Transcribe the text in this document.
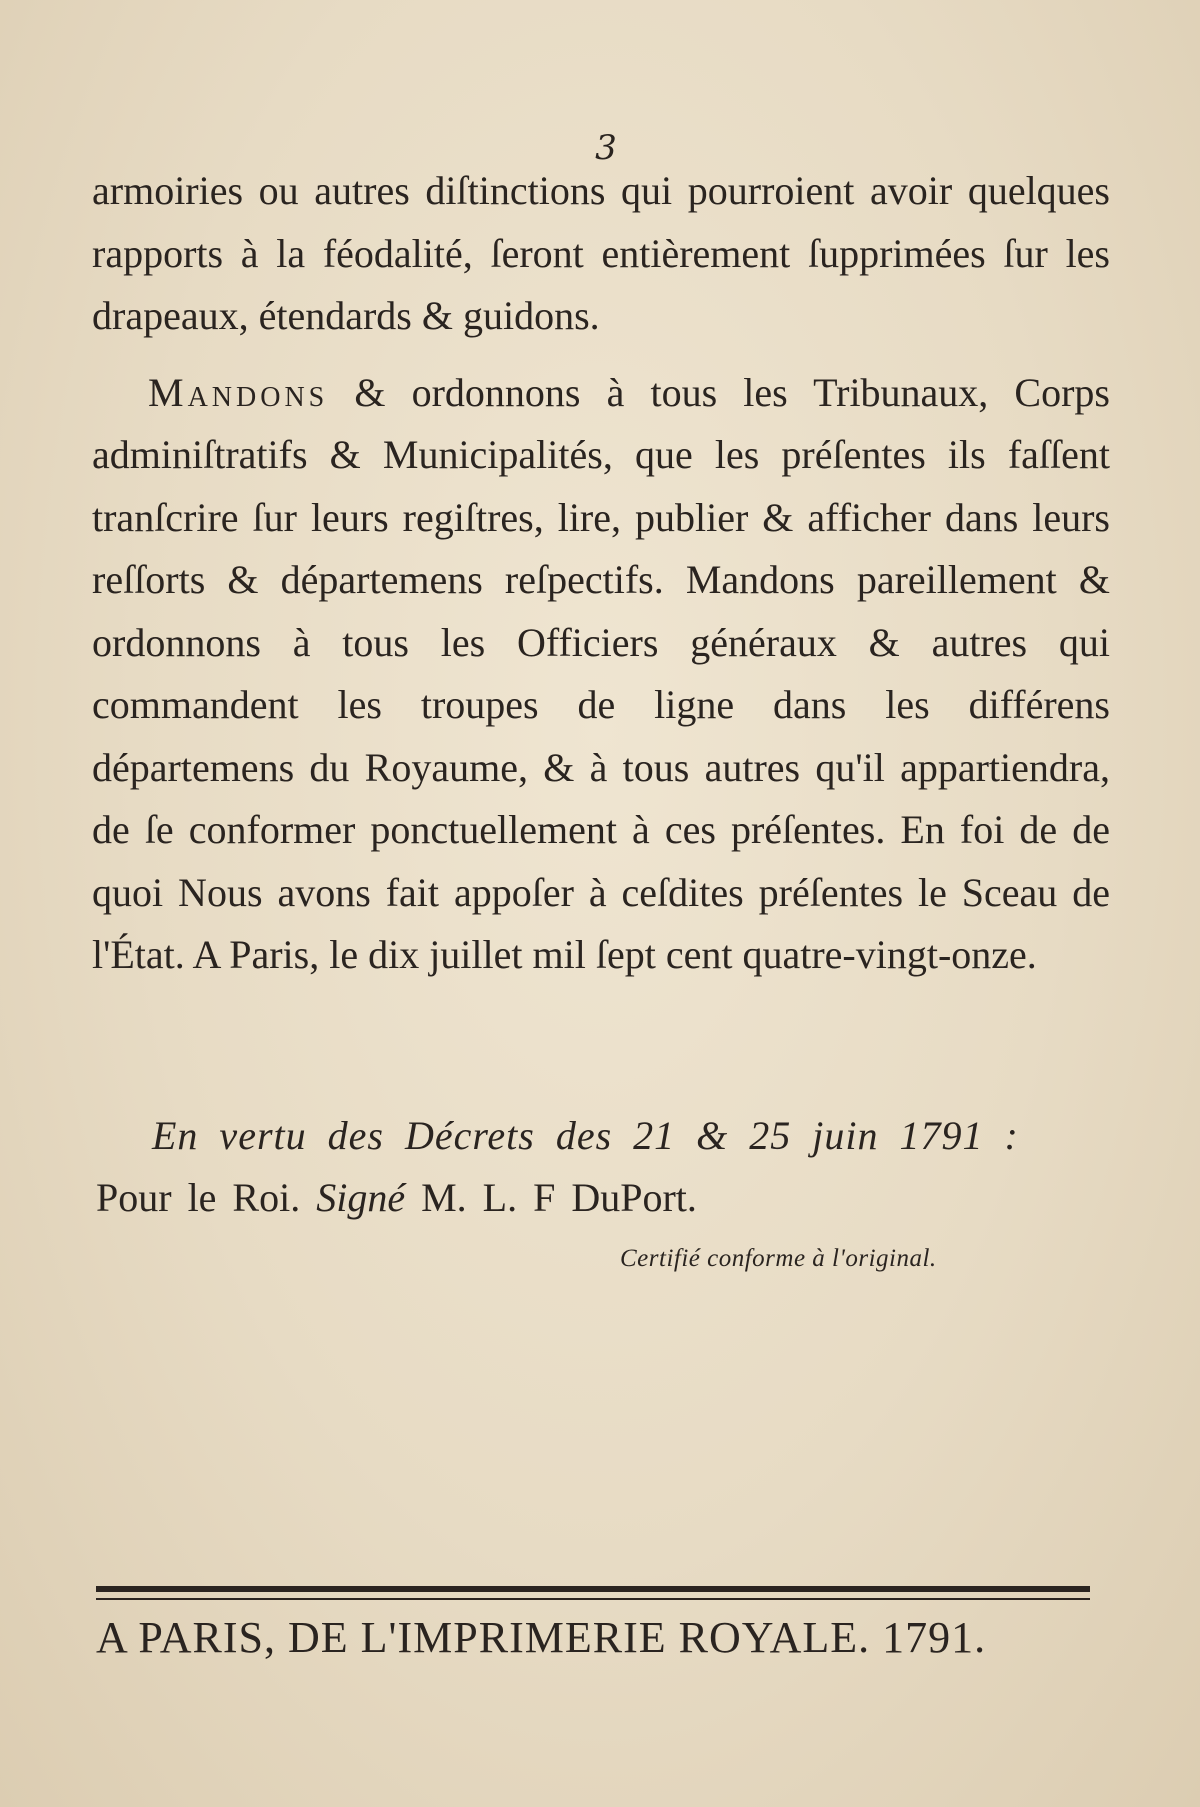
3

armoiries ou autres diſtinctions qui pourroient avoir quelques rapports à la féodalité, ſeront entièrement ſupprimées ſur les drapeaux, étendards & guidons.

Mandons & ordonnons à tous les Tribunaux, Corps adminiſtratifs & Municipalités, que les préſentes ils faſſent tranſcrire ſur leurs regiſtres, lire, publier & afficher dans leurs reſſorts & départemens reſpectifs. Mandons pareillement & ordonnons à tous les Officiers généraux & autres qui commandent les troupes de ligne dans les différens départemens du Royaume, & à tous autres qu'il appartiendra, de ſe conformer ponctuellement à ces préſentes. En foi de de quoi Nous avons fait appoſer à ceſdites préſentes le Sceau de l'État. A Paris, le dix juillet mil ſept cent quatre-vingt-onze.

En vertu des Décrets des 21 & 25 juin 1791 :
Pour le Roi. Signé M. L. F DuPort.
Certifié conforme à l'original.
A PARIS, DE L'IMPRIMERIE ROYALE. 1791.
